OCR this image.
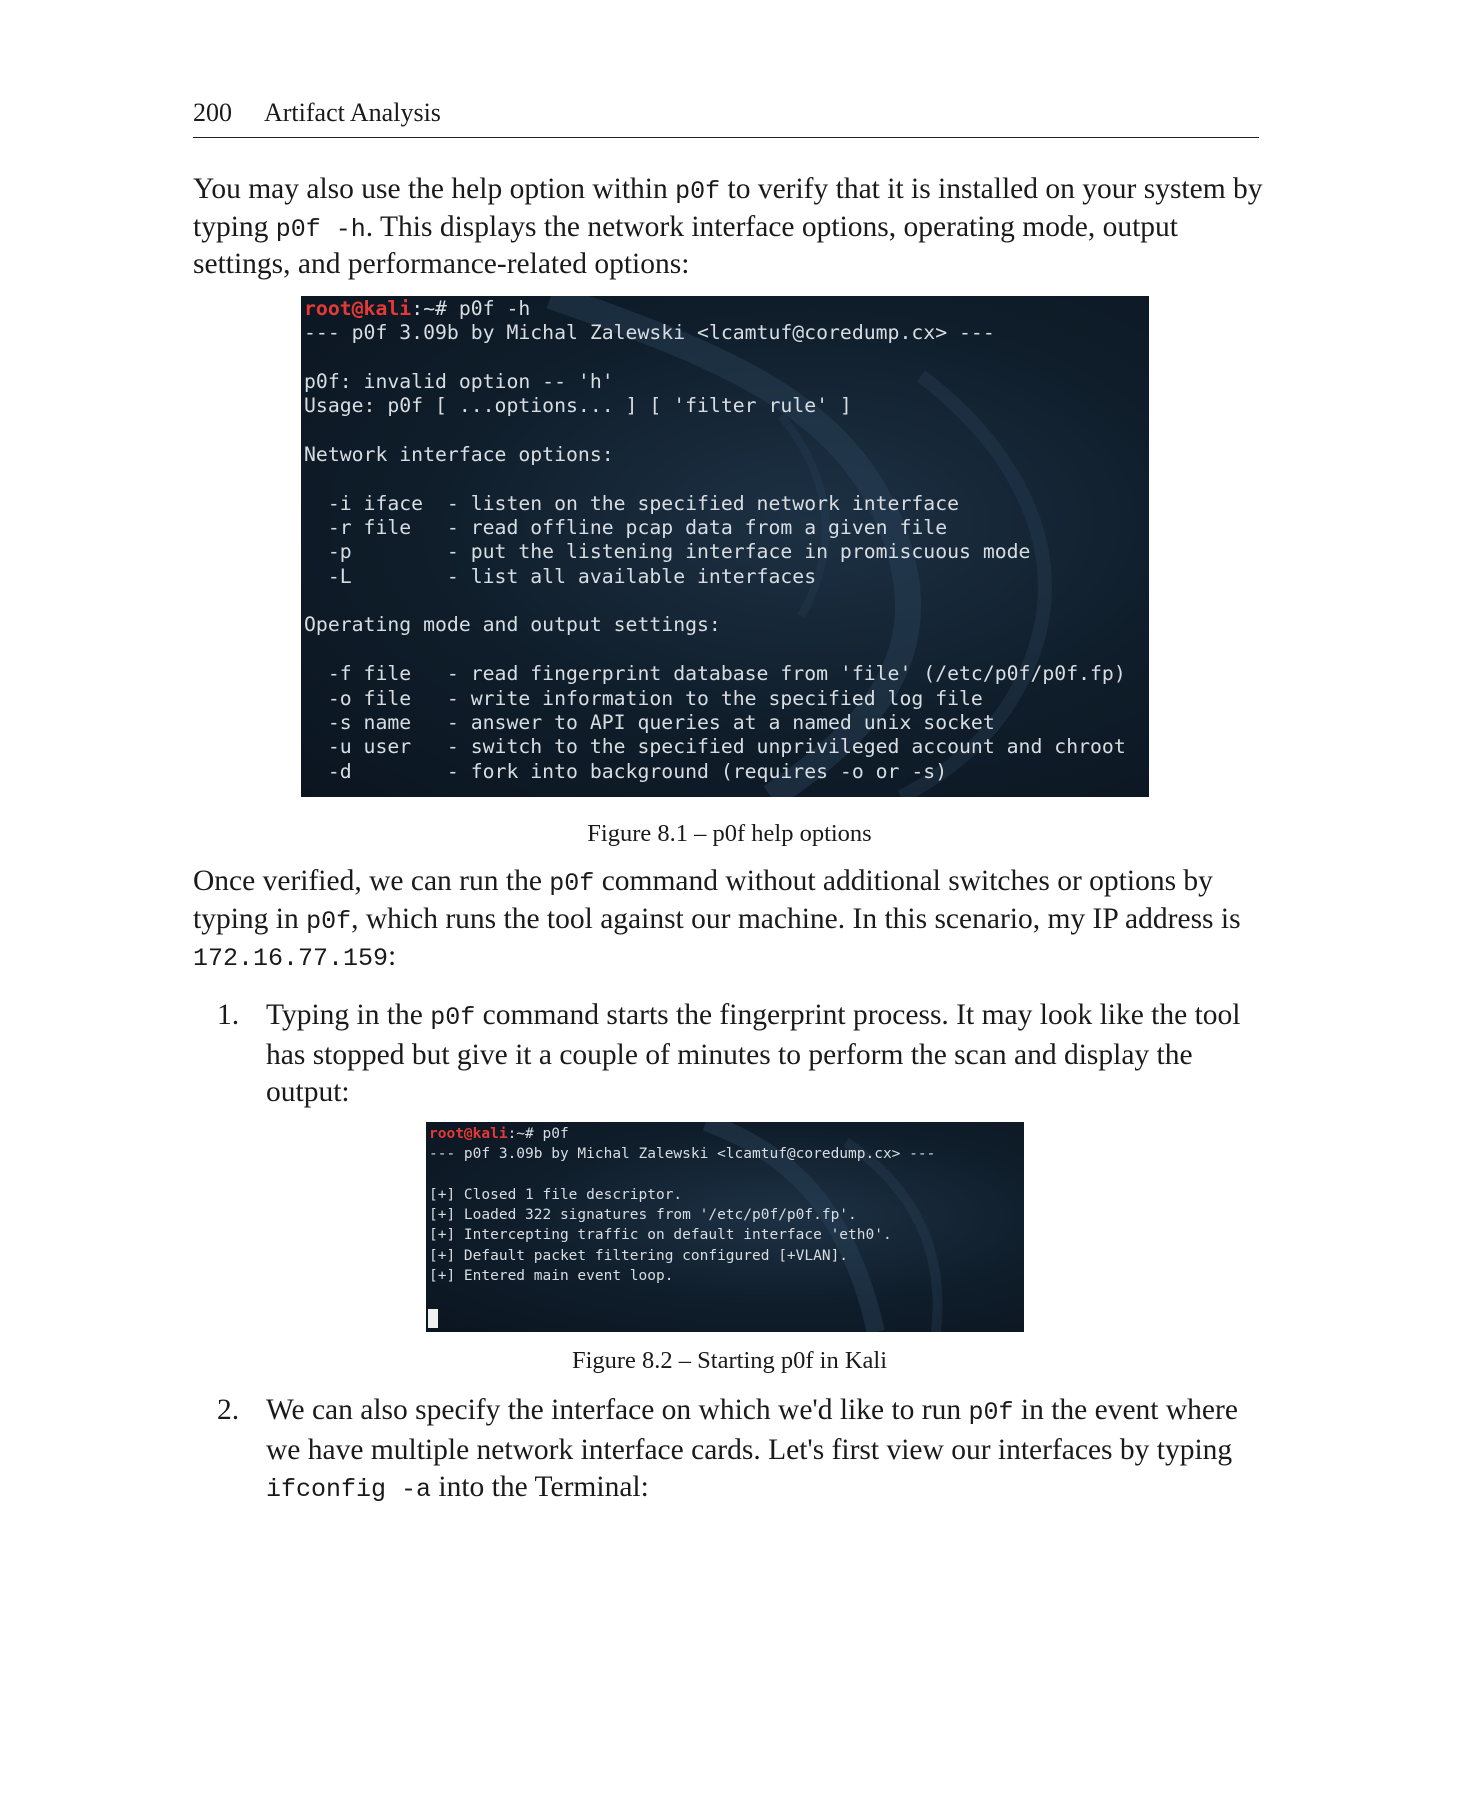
200 Artifact Analysis

You may also use the help option within p0f to verify that it is installed on your system by typing p0f -h. This displays the network interface options, operating mode, output settings, and performance-related options:

root@kali:~# p0f -h
--- p0f 3.09b by Michal Zalewski <lcamtuf@coredump.cx> ---

p0f: invalid option -- 'h'
Usage: p0f [ ...options... ] [ 'filter rule' ]

Network interface options:

-i iface  - listen on the specified network interface
-r file   - read offline pcap data from a given file
-p        - put the listening interface in promiscuous mode
-L        - list all available interfaces

Operating mode and output settings:

-f file   - read fingerprint database from 'file' (/etc/p0f/p0f.fp)
-o file   - write information to the specified log file
-s name   - answer to API queries at a named unix socket
-u user   - switch to the specified unprivileged account and chroot
-d        - fork into background (requires -o or -s)
Figure 8.1 – p0f help options

Once verified, we can run the p0f command without additional switches or options by typing in p0f, which runs the tool against our machine. In this scenario, my IP address is 172.16.77.159:

1. Typing in the p0f command starts the fingerprint process. It may look like the tool has stopped but give it a couple of minutes to perform the scan and display the output:
root@kali:~# p0f
--- p0f 3.09b by Michal Zalewski <lcamtuf@coredump.cx> ---

[+] Closed 1 file descriptor.
[+] Loaded 322 signatures from '/etc/p0f/p0f.fp'.
[+] Intercepting traffic on default interface 'eth0'.
[+] Default packet filtering configured [+VLAN].
[+] Entered main event loop.
Figure 8.2 – Starting p0f in Kali
2. We can also specify the interface on which we'd like to run p0f in the event where we have multiple network interface cards. Let's first view our interfaces by typing ifconfig -a into the Terminal:
